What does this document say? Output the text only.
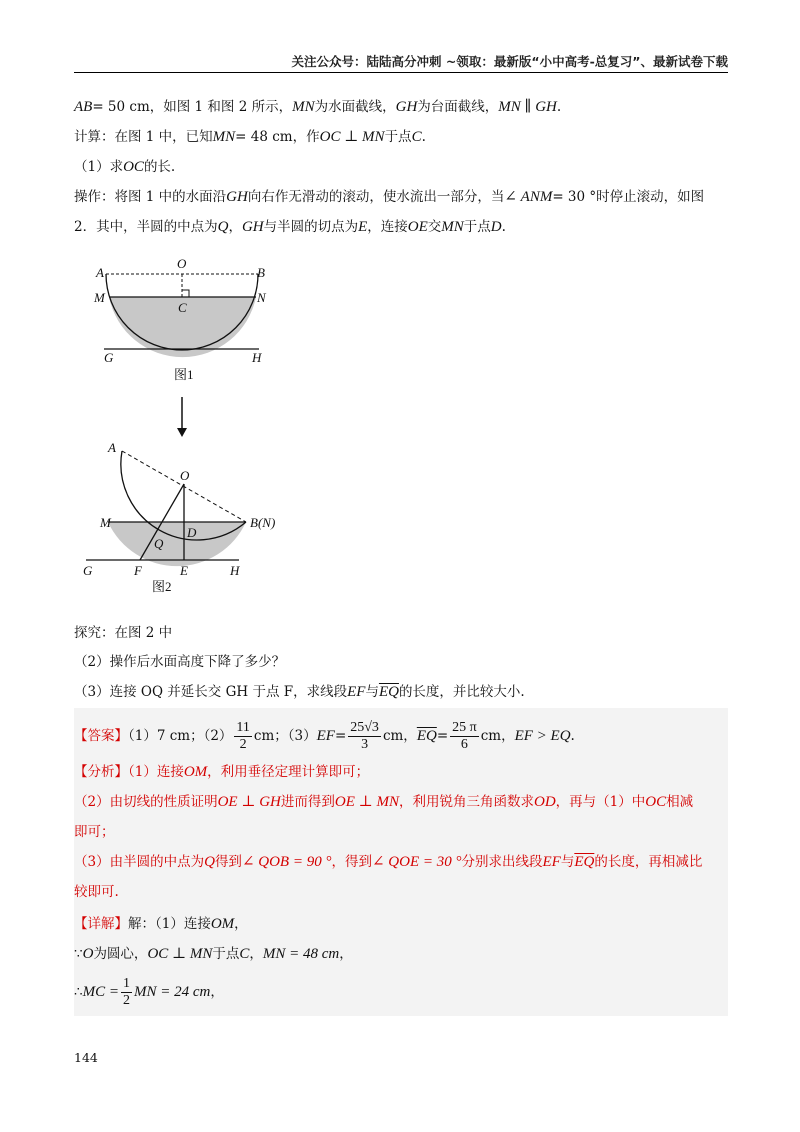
关注公众号：陆陆高分冲刺 ~领取：最新版“小中高考-总复习”、最新试卷下载
AB= 50 cm，如图 1 和图 2 所示，MN为水面截线，GH为台面截线，MN ∥ GH.
计算：在图 1 中，已知MN= 48 cm，作OC ⊥ MN于点C.
（1）求OC的长.
操作：将图 1 中的水面沿GH向右作无滑动的滚动，使水流出一部分，当∠ ANM= 30 °时停止滚动，如图
2．其中，半圆的中点为Q，GH与半圆的切点为E，连接OE交MN于点D.
A	B
O
M	N
C
G	H
图1
A
O
M	B(N)
D
Q
G	F	E	H
图2
探究：在图 2 中
（2）操作后水面高度下降了多少？
（3）连接 OQ 并延长交 GH 于点 F，求线段EF与$\overline{EQ}$的长度，并比较大小.
【答案】（1）7 cm；$(2) \frac{11}{2}$ cm；$(3)EF= \frac{25√3}{3}$ cm，$\overline{EQ}= \frac{25 \pi}{6}$ cm，EF > EQ.
【分析】（1）连接OM，利用垂径定理计算即可；
（2）由切线的性质证明OE ⊥ GH进而得到OE ⊥ MN，利用锐角三角函数求OD，再与（1）中OC相减
即可；
（3）由半圆的中点为Q得到∠ QOB = 90 °，得到∠ QOE = 30 °分别求出线段EF与$\overline{EQ}$的长度，再相减比
较即可.
【详解】解：（1）连接OM，
∵O为圆心，OC ⊥ MN于点C，MN = 48 cm，
∴MC = $\frac{1}{2}$ MN = 24 cm，
144
